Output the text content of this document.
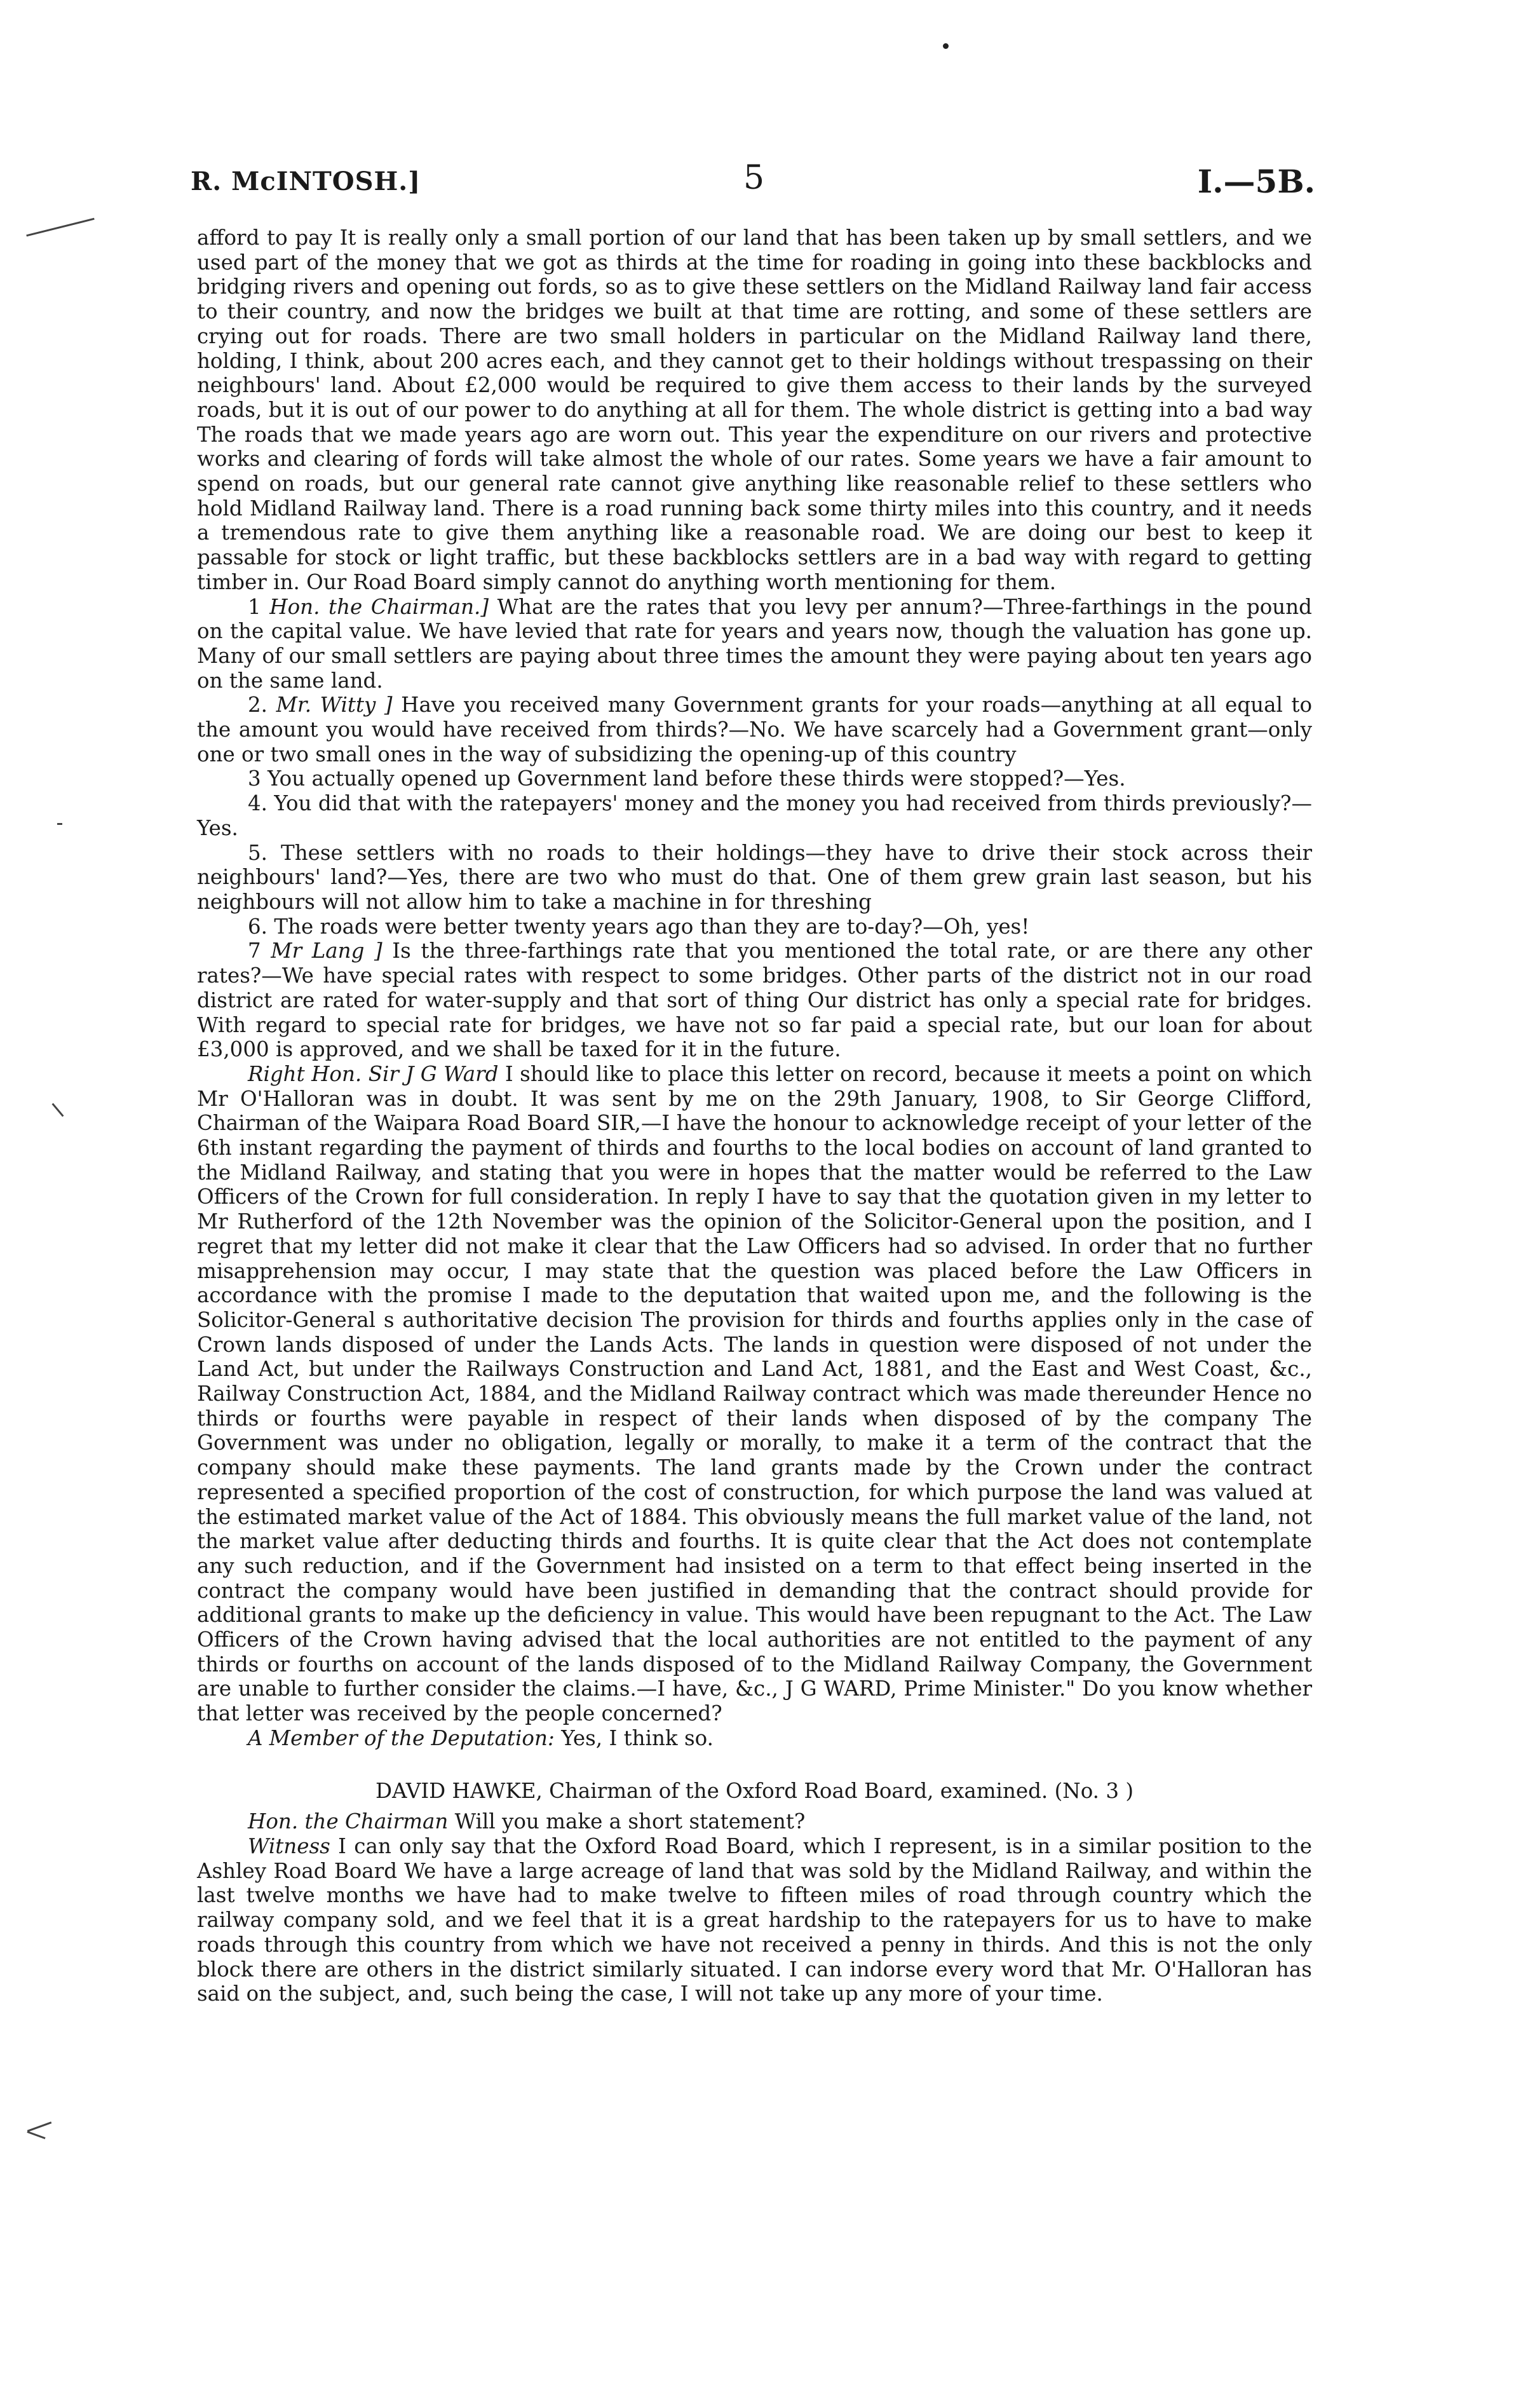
R. McINTOSH.]	5	I.—5B.

afford to pay It is really only a small portion of our land that has been taken up by small settlers, and we used part of the money that we got as thirds at the time for roading in going into these backblocks and bridging rivers and opening out fords, so as to give these settlers on the Midland Railway land fair access to their country, and now the bridges we built at that time are rotting, and some of these settlers are crying out for roads. There are two small holders in particular on the Midland Railway land there, holding, I think, about 200 acres each, and they cannot get to their holdings without trespassing on their neighbours' land. About £2,000 would be required to give them access to their lands by the surveyed roads, but it is out of our power to do anything at all for them. The whole district is getting into a bad way The roads that we made years ago are worn out. This year the expenditure on our rivers and protective works and clearing of fords will take almost the whole of our rates. Some years we have a fair amount to spend on roads, but our general rate cannot give anything like reasonable relief to these settlers who hold Midland Railway land. There is a road running back some thirty miles into this country, and it needs a tremendous rate to give them anything like a reasonable road. We are doing our best to keep it passable for stock or light traffic, but these backblocks settlers are in a bad way with regard to getting timber in. Our Road Board simply cannot do anything worth mentioning for them.

1 Hon. the Chairman.] What are the rates that you levy per annum?—Three-farthings in the pound on the capital value. We have levied that rate for years and years now, though the valuation has gone up. Many of our small settlers are paying about three times the amount they were paying about ten years ago on the same land.

2. Mr. Witty ] Have you received many Government grants for your roads—anything at all equal to the amount you would have received from thirds?—No. We have scarcely had a Government grant—only one or two small ones in the way of subsidizing the opening-up of this country

3 You actually opened up Government land before these thirds were stopped?—Yes.

4. You did that with the ratepayers' money and the money you had received from thirds previously?—Yes.

5. These settlers with no roads to their holdings—they have to drive their stock across their neighbours' land?—Yes, there are two who must do that. One of them grew grain last season, but his neighbours will not allow him to take a machine in for threshing

6. The roads were better twenty years ago than they are to-day?—Oh, yes!

7 Mr Lang ] Is the three-farthings rate that you mentioned the total rate, or are there any other rates?—We have special rates with respect to some bridges. Other parts of the district not in our road district are rated for water-supply and that sort of thing Our district has only a special rate for bridges. With regard to special rate for bridges, we have not so far paid a special rate, but our loan for about £3,000 is approved, and we shall be taxed for it in the future.

Right Hon. Sir J G Ward I should like to place this letter on record, because it meets a point on which Mr O'Halloran was in doubt. It was sent by me on the 29th January, 1908, to Sir George Clifford, Chairman of the Waipara Road Board SIR,—I have the honour to acknowledge receipt of your letter of the 6th instant regarding the payment of thirds and fourths to the local bodies on account of land granted to the Midland Railway, and stating that you were in hopes that the matter would be referred to the Law Officers of the Crown for full consideration. In reply I have to say that the quotation given in my letter to Mr Rutherford of the 12th November was the opinion of the Solicitor-General upon the position, and I regret that my letter did not make it clear that the Law Officers had so advised. In order that no further misapprehension may occur, I may state that the question was placed before the Law Officers in accordance with the promise I made to the deputation that waited upon me, and the following is the Solicitor-General s authoritative decision The provision for thirds and fourths applies only in the case of Crown lands disposed of under the Lands Acts. The lands in question were disposed of not under the Land Act, but under the Railways Construction and Land Act, 1881, and the East and West Coast, &c., Railway Construction Act, 1884, and the Midland Railway contract which was made thereunder Hence no thirds or fourths were payable in respect of their lands when disposed of by the company The Government was under no obligation, legally or morally, to make it a term of the contract that the company should make these payments. The land grants made by the Crown under the contract represented a specified proportion of the cost of construction, for which purpose the land was valued at the estimated market value of the Act of 1884. This obviously means the full market value of the land, not the market value after deducting thirds and fourths. It is quite clear that the Act does not contemplate any such reduction, and if the Government had insisted on a term to that effect being inserted in the contract the company would have been justified in demanding that the contract should provide for additional grants to make up the deficiency in value. This would have been repugnant to the Act. The Law Officers of the Crown having advised that the local authorities are not entitled to the payment of any thirds or fourths on account of the lands disposed of to the Midland Railway Company, the Government are unable to further consider the claims.—I have, &c., J G WARD, Prime Minister." Do you know whether that letter was received by the people concerned?

A Member of the Deputation: Yes, I think so.

DAVID HAWKE, Chairman of the Oxford Road Board, examined. (No. 3 )

Hon. the Chairman Will you make a short statement?

Witness I can only say that the Oxford Road Board, which I represent, is in a similar position to the Ashley Road Board We have a large acreage of land that was sold by the Midland Railway, and within the last twelve months we have had to make twelve to fifteen miles of road through country which the railway company sold, and we feel that it is a great hardship to the ratepayers for us to have to make roads through this country from which we have not received a penny in thirds. And this is not the only block there are others in the district similarly situated. I can indorse every word that Mr. O'Halloran has said on the subject, and, such being the case, I will not take up any more of your time.
